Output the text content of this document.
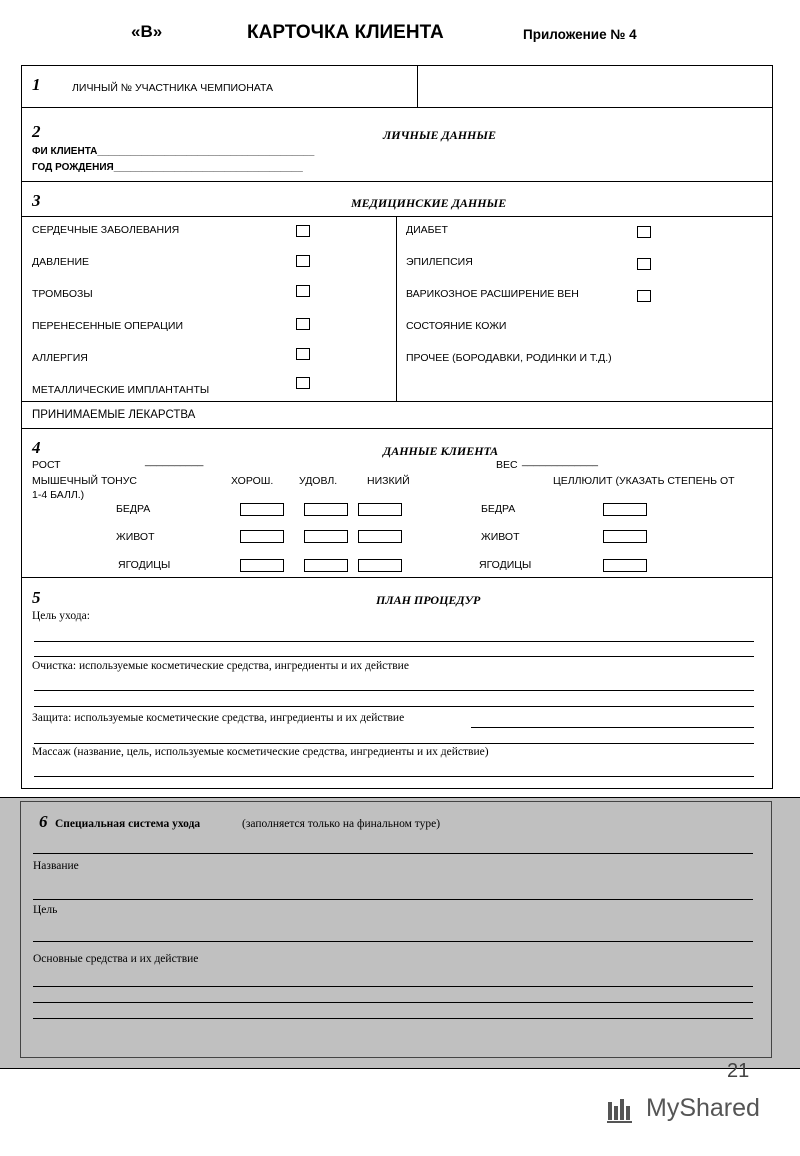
«В»	КАРТОЧКА КЛИЕНТА	Приложение № 4
1	ЛИЧНЫЙ № УЧАСТНИКА ЧЕМПИОНАТА
2	ЛИЧНЫЕ ДАННЫЕ
ФИ КЛИЕНТА_______________________________________
ГОД РОЖДЕНИЯ__________________________________
3	МЕДИЦИНСКИЕ ДАННЫЕ
СЕРДЕЧНЫЕ ЗАБОЛЕВАНИЯ
ДАВЛЕНИЕ
ТРОМБОЗЫ
ПЕРЕНЕСЕННЫЕ ОПЕРАЦИИ
АЛЛЕРГИЯ
МЕТАЛЛИЧЕСКИЕ ИМПЛАНТАНТЫ
ДИАБЕТ
ЭПИЛЕПСИЯ
ВАРИКОЗНОЕ РАСШИРЕНИЕ ВЕН
СОСТОЯНИЕ КОЖИ
ПРОЧЕЕ (БОРОДАВКИ, РОДИНКИ И Т.Д.)
ПРИНИМАЕМЫЕ ЛЕКАРСТВА
4	ДАННЫЕ КЛИЕНТА
РОСТ	__________	ВЕС _____________
МЫШЕЧНЫЙ ТОНУС	ХОРОШ. УДОВЛ.	НИЗКИЙ	ЦЕЛЛЮЛИТ (УКАЗАТЬ СТЕПЕНЬ ОТ
1-4 БАЛЛ.)
БЕДРА	БЕДРА
ЖИВОТ	ЖИВОТ
ЯГОДИЦЫ	ЯГОДИЦЫ
5	ПЛАН ПРОЦЕДУР
Цель ухода:
Очистка: используемые косметические средства, ингредиенты и их действие
Защита: используемые косметические средства, ингредиенты и их действие
Массаж (название, цель, используемые косметические средства, ингредиенты и их действие)
6 Специальная система ухода	(заполняется только на финальном туре)
Название
Цель
Основные средства и их действие
21
MyShared
